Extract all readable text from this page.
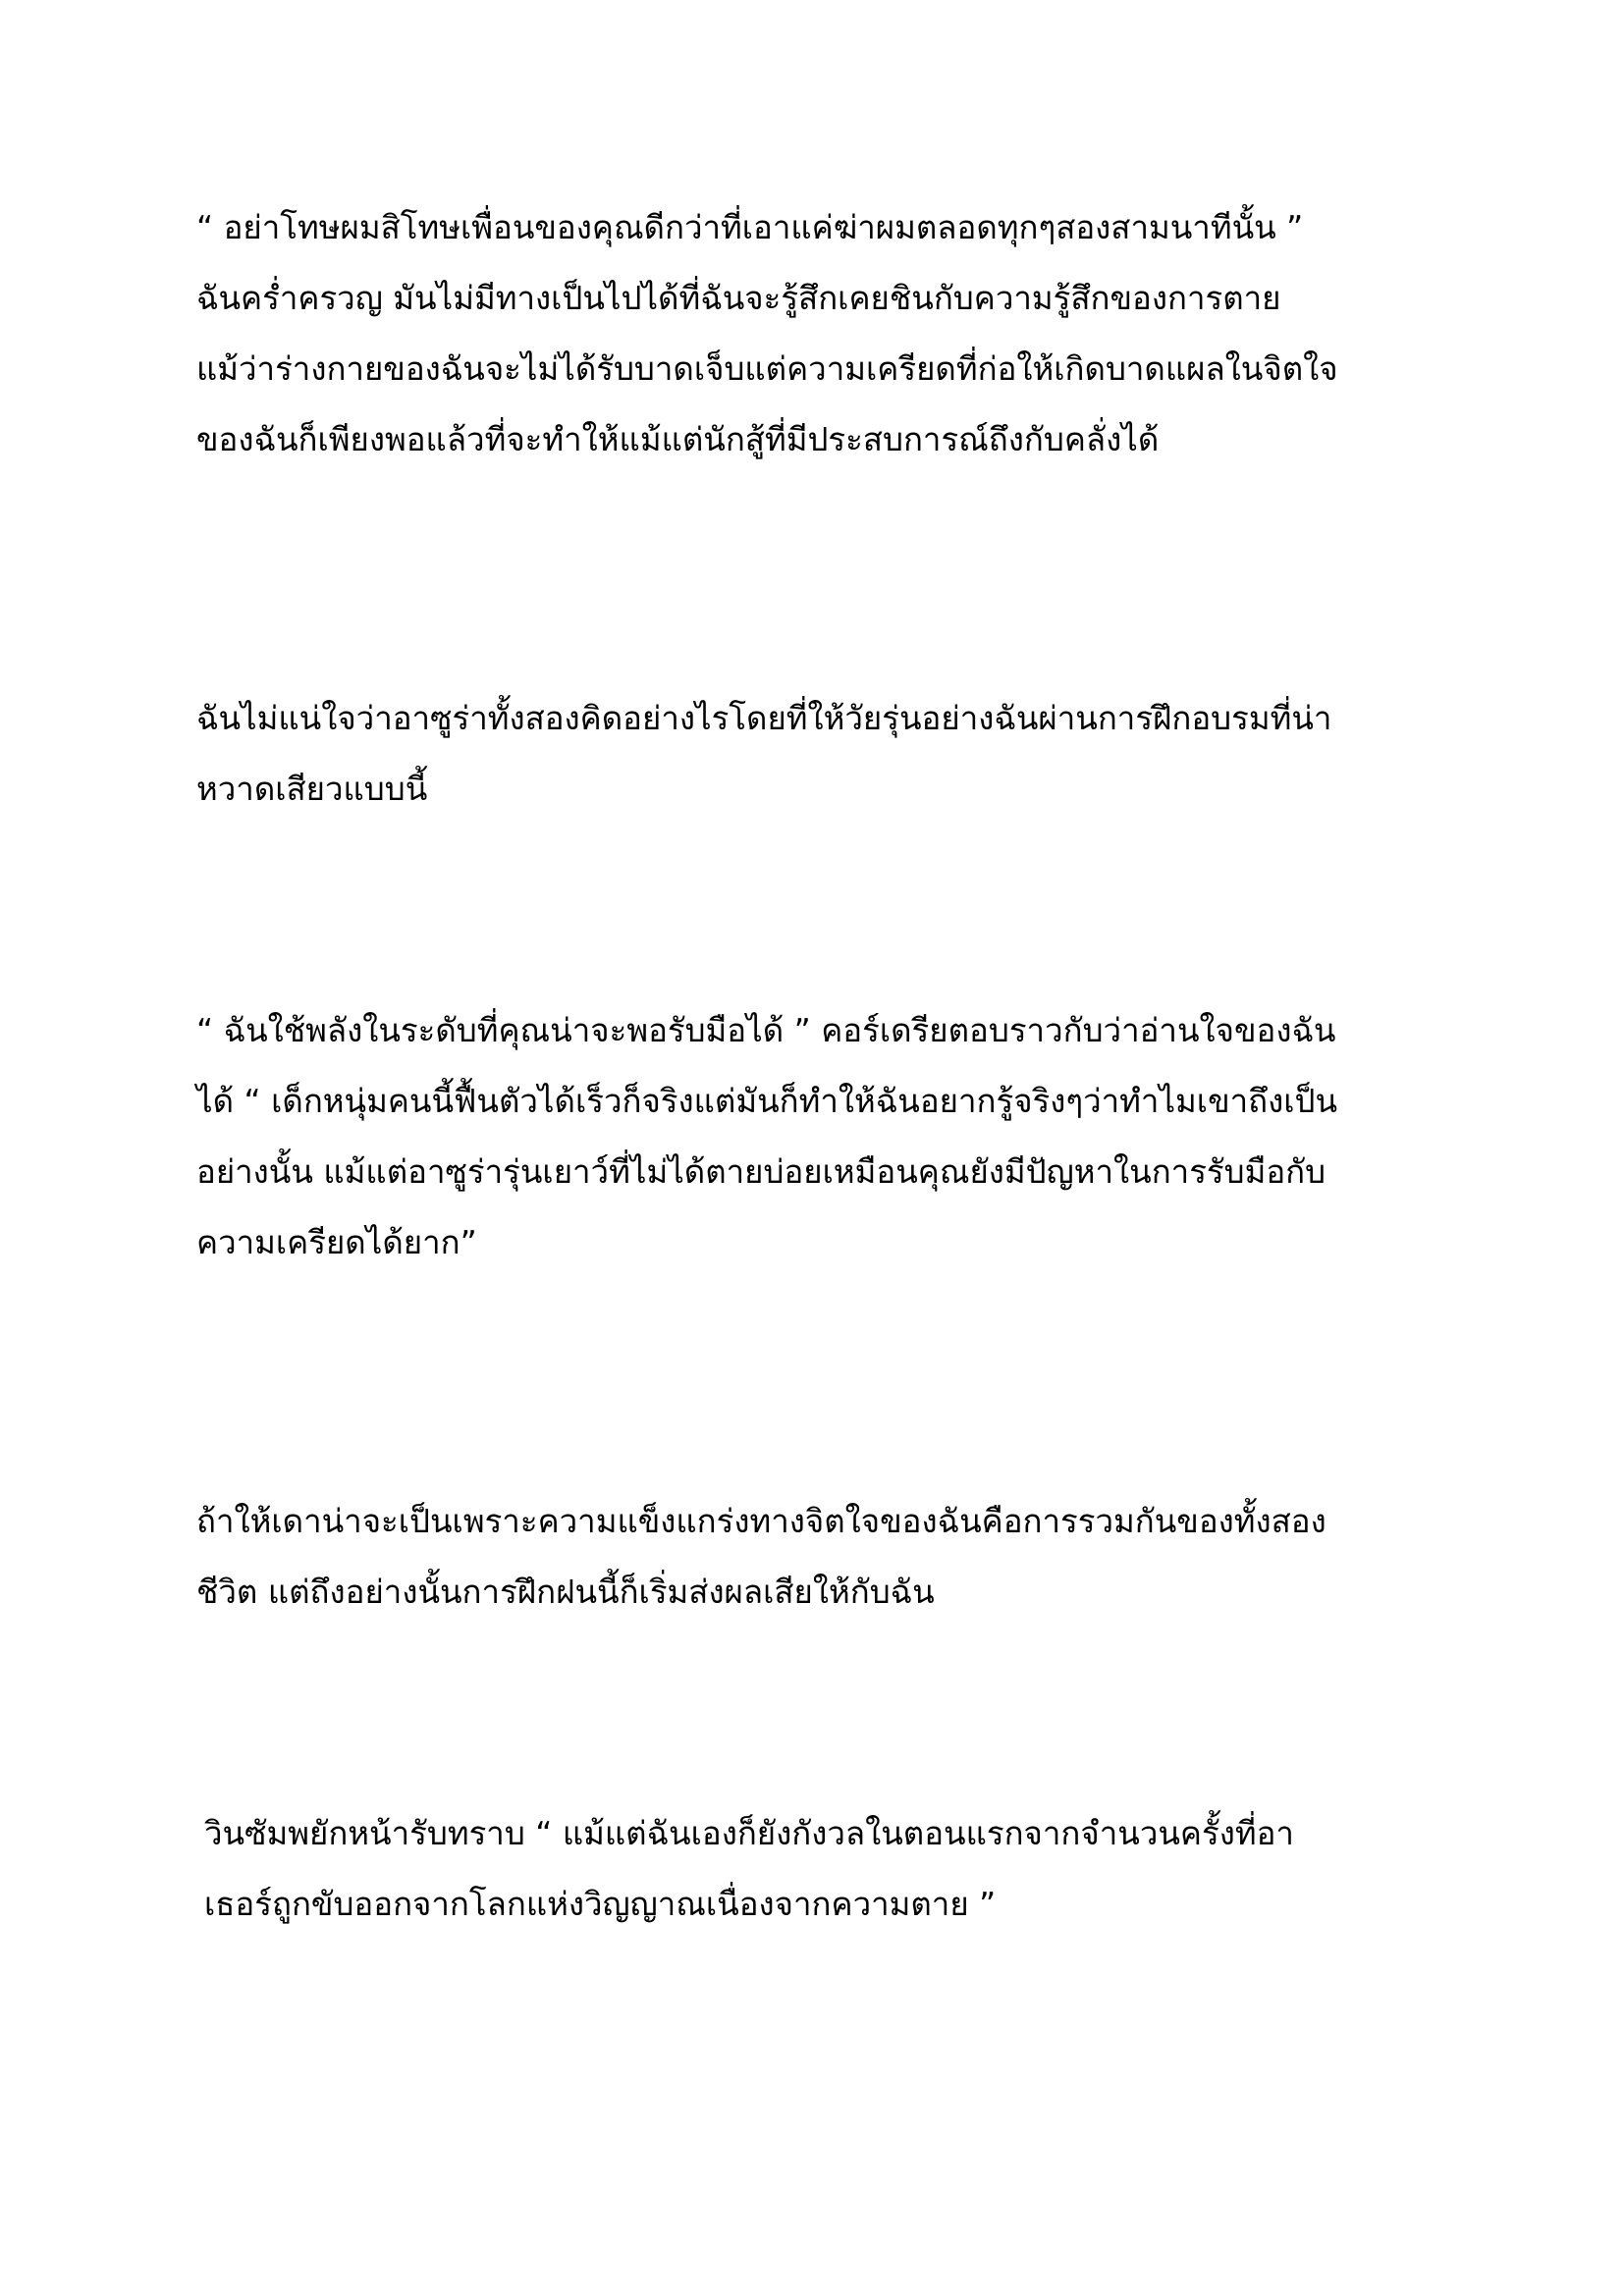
“ อย่าโทษผมสิโทษเพื่อนของคุณดีกว่าที่เอาแค่ฆ่าผมตลอดทุกๆสองสามนาทีนั้น ”
ฉันคร่ำครวญ มันไม่มีทางเป็นไปได้ที่ฉันจะรู้สึกเคยชินกับความรู้สึกของการตาย
แม้ว่าร่างกายของฉันจะไม่ได้รับบาดเจ็บแต่ความเครียดที่ก่อให้เกิดบาดแผลในจิตใจ
ของฉันก็เพียงพอแล้วที่จะทำให้แม้แต่นักสู้ที่มีประสบการณ์ถึงกับคลั่งได้

ฉันไม่แน่ใจว่าอาซูร่าทั้งสองคิดอย่างไรโดยที่ให้วัยรุ่นอย่างฉันผ่านการฝึกอบรมที่น่า
หวาดเสียวแบบนี้

“ ฉันใช้พลังในระดับที่คุณน่าจะพอรับมือได้ ” คอร์เดรียตอบราวกับว่าอ่านใจของฉัน
ได้ “ เด็กหนุ่มคนนี้ฟื้นตัวได้เร็วก็จริงแต่มันก็ทำให้ฉันอยากรู้จริงๆว่าทำไมเขาถึงเป็น
อย่างนั้น แม้แต่อาซูร่ารุ่นเยาว์ที่ไม่ได้ตายบ่อยเหมือนคุณยังมีปัญหาในการรับมือกับ
ความเครียดได้ยาก”

ถ้าให้เดาน่าจะเป็นเพราะความแข็งแกร่งทางจิตใจของฉันคือการรวมกันของทั้งสอง
ชีวิต แต่ถึงอย่างนั้นการฝึกฝนนี้ก็เริ่มส่งผลเสียให้กับฉัน

วินซัมพยักหน้ารับทราบ “ แม้แต่ฉันเองก็ยังกังวลในตอนแรกจากจำนวนครั้งที่อา
เธอร์ถูกขับออกจากโลกแห่งวิญญาณเนื่องจากความตาย ”
